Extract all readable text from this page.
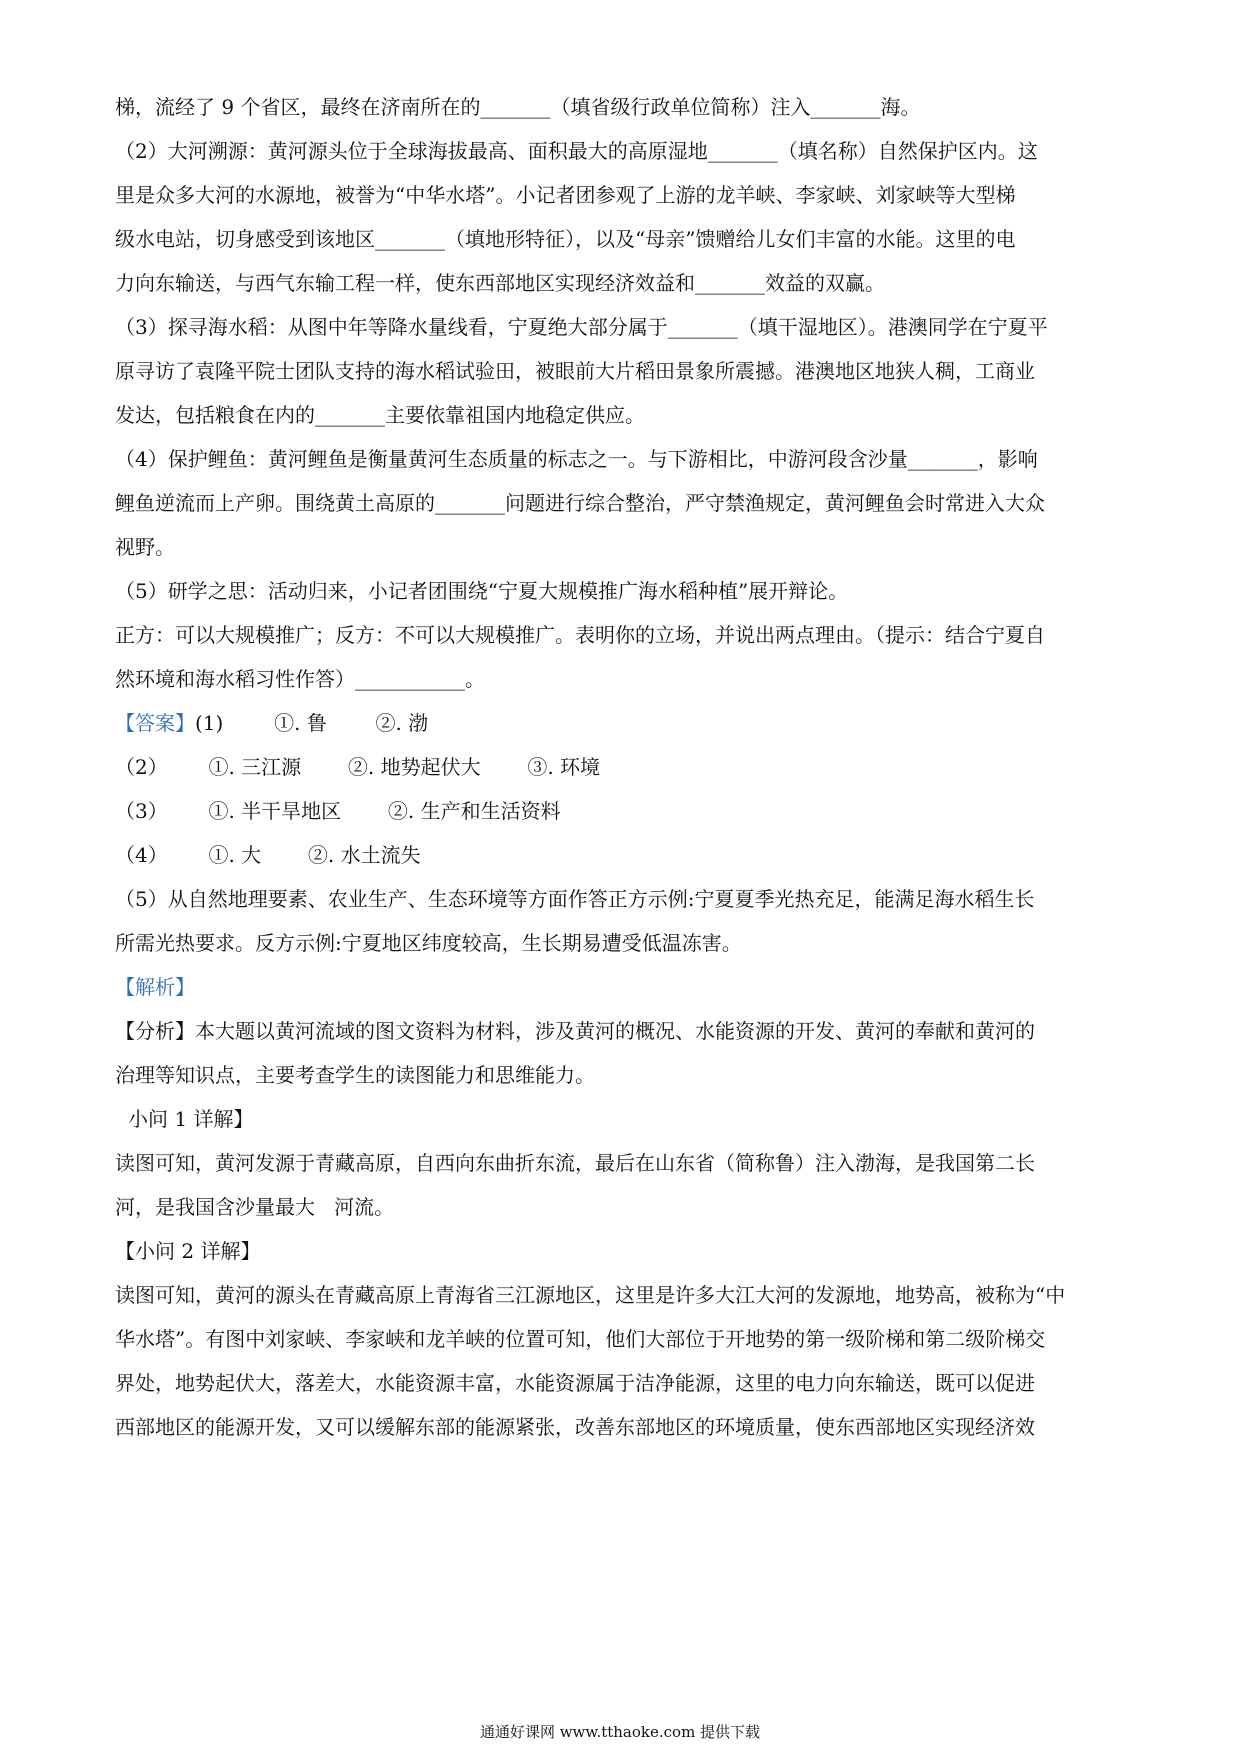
梯，流经了 9 个省区，最终在济南所在的_______（填省级行政单位简称）注入_______海。
（2）大河溯源：黄河源头位于全球海拔最高、面积最大的高原湿地_______（填名称）自然保护区内。这
里是众多大河的水源地，被誉为“中华水塔”。小记者团参观了上游的龙羊峡、李家峡、刘家峡等大型梯
级水电站，切身感受到该地区_______（填地形特征），以及“母亲”馈赠给儿女们丰富的水能。这里的电
力向东输送，与西气东输工程一样，使东西部地区实现经济效益和_______效益的双赢。
（3）探寻海水稻：从图中年等降水量线看，宁夏绝大部分属于_______（填干湿地区）。港澳同学在宁夏平
原寻访了袁隆平院士团队支持的海水稻试验田，被眼前大片稻田景象所震撼。港澳地区地狭人稠，工商业
发达，包括粮食在内的_______主要依靠祖国内地稳定供应。
（4）保护鲤鱼：黄河鲤鱼是衡量黄河生态质量的标志之一。与下游相比，中游河段含沙量_______，影响
鲤鱼逆流而上产卵。围绕黄土高原的_______问题进行综合整治，严守禁渔规定，黄河鲤鱼会时常进入大众
视野。
（5）研学之思：活动归来，小记者团围绕“宁夏大规模推广海水稻种植”展开辩论。
正方：可以大规模推广；反方：不可以大规模推广。表明你的立场，并说出两点理由。（提示：结合宁夏自
然环境和海水稻习性作答）___________。
【答案】(1)	①. 鲁 ②. 渤
（2） ①. 三江源 ②. 地势起伏大 ③. 环境
（3） ①. 半干旱地区 ②. 生产和生活资料
（4） ①. 大 ②. 水土流失
（5）从自然地理要素、农业生产、生态环境等方面作答正方示例:宁夏夏季光热充足，能满足海水稻生长
所需光热要求。反方示例:宁夏地区纬度较高，生长期易遭受低温冻害。
【解析】
【分析】本大题以黄河流域的图文资料为材料，涉及黄河的概况、水能资源的开发、黄河的奉献和黄河的
治理等知识点，主要考查学生的读图能力和思维能力。
小问 1 详解】
读图可知，黄河发源于青藏高原，自西向东曲折东流，最后在山东省（简称鲁）注入渤海，是我国第二长
河，是我国含沙量最大   河流。
【小问 2 详解】
读图可知，黄河的源头在青藏高原上青海省三江源地区，这里是许多大江大河的发源地，地势高，被称为“中
华水塔”。有图中刘家峡、李家峡和龙羊峡的位置可知，他们大部位于开地势的第一级阶梯和第二级阶梯交
界处，地势起伏大，落差大，水能资源丰富，水能资源属于洁净能源，这里的电力向东输送，既可以促进
西部地区的能源开发，又可以缓解东部的能源紧张，改善东部地区的环境质量，使东西部地区实现经济效
通通好课网 www.tthaoke.com 提供下载
